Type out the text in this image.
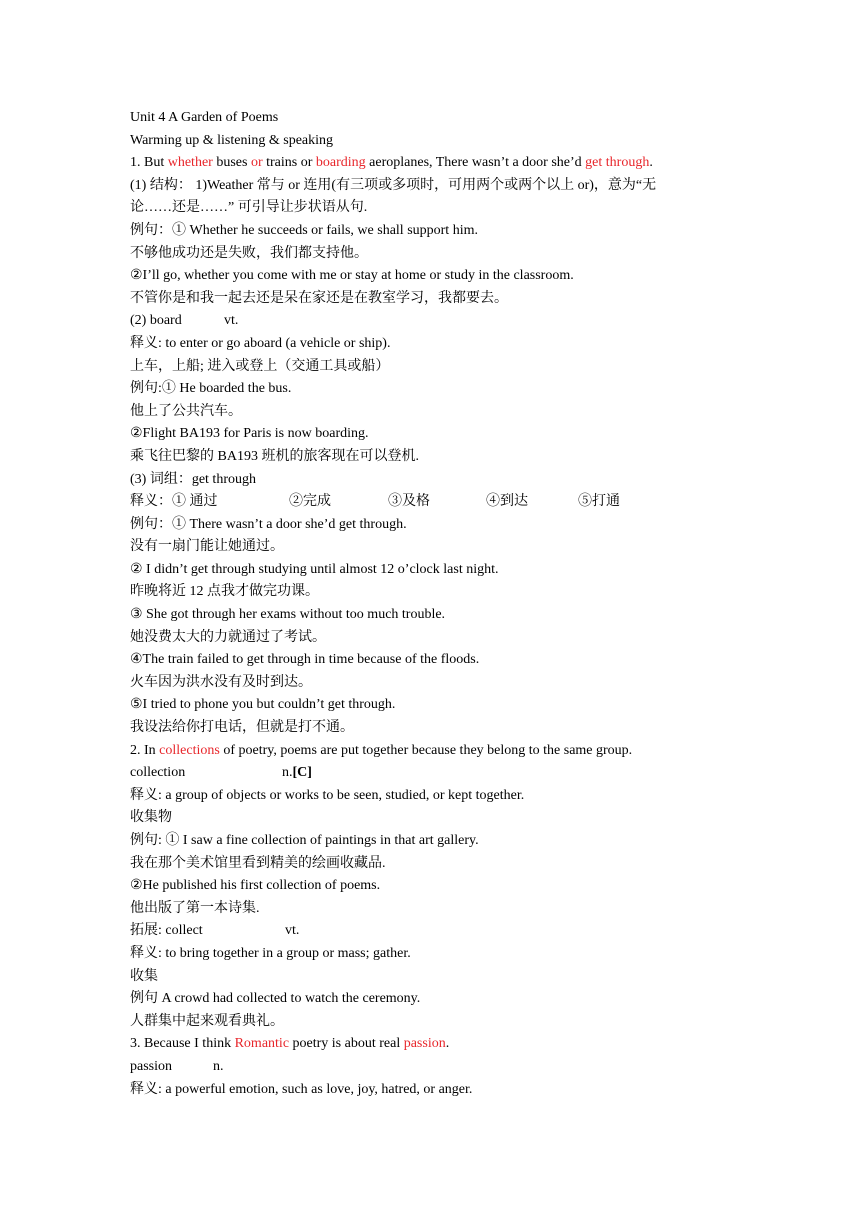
Unit 4 A Garden of Poems
Warming up & listening & speaking
1. But whether buses or trains or boarding aeroplanes, There wasn’t a door she’d get through.
(1) 结构： 1)Weather 常与 or 连用(有三项或多项时，可用两个或两个以上 or)，意为“无
论……还是……” 可引导让步状语从句.
例句：① Whether he succeeds or fails, we shall support him.
不够他成功还是失败，我们都支持他。
②I’ll go, whether you come with me or stay at home or study in the classroom.
不管你是和我一起去还是呆在家还是在教室学习，我都要去。
(2) board	vt.
释义: to enter or go aboard (a vehicle or ship).
上车，上船; 进入或登上（交通工具或船）
例句:① He boarded the bus.
他上了公共汽车。
②Flight BA193 for Paris is now boarding.
乘飞往巴黎的 BA193 班机的旅客现在可以登机.
(3) 词组：get through
释义：① 通过	②完成	③及格	④到达	⑤打通
例句：① There wasn’t a door she’d get through.
没有一扇门能让她通过。
② I didn’t get through studying until almost 12 o’clock last night.
昨晚将近 12 点我才做完功课。
③ She got through her exams without too much trouble.
她没费太大的力就通过了考试。
④The train failed to get through in time because of the floods.
火车因为洪水没有及时到达。
⑤I tried to phone you but couldn’t get through.
我设法给你打电话，但就是打不通。
2. In collections of poetry, poems are put together because they belong to the same group.
collection	n.[C]
释义: a group of objects or works to be seen, studied, or kept together.
收集物
例句: ① I saw a fine collection of paintings in that art gallery.
我在那个美术馆里看到精美的绘画收藏品.
②He published his first collection of poems.
他出版了第一本诗集.
拓展: collect	vt.
释义: to bring together in a group or mass; gather.
收集
例句 A crowd had collected to watch the ceremony.
人群集中起来观看典礼。
3. Because I think Romantic poetry is about real passion.
passion	n.
释义: a powerful emotion, such as love, joy, hatred, or anger.
